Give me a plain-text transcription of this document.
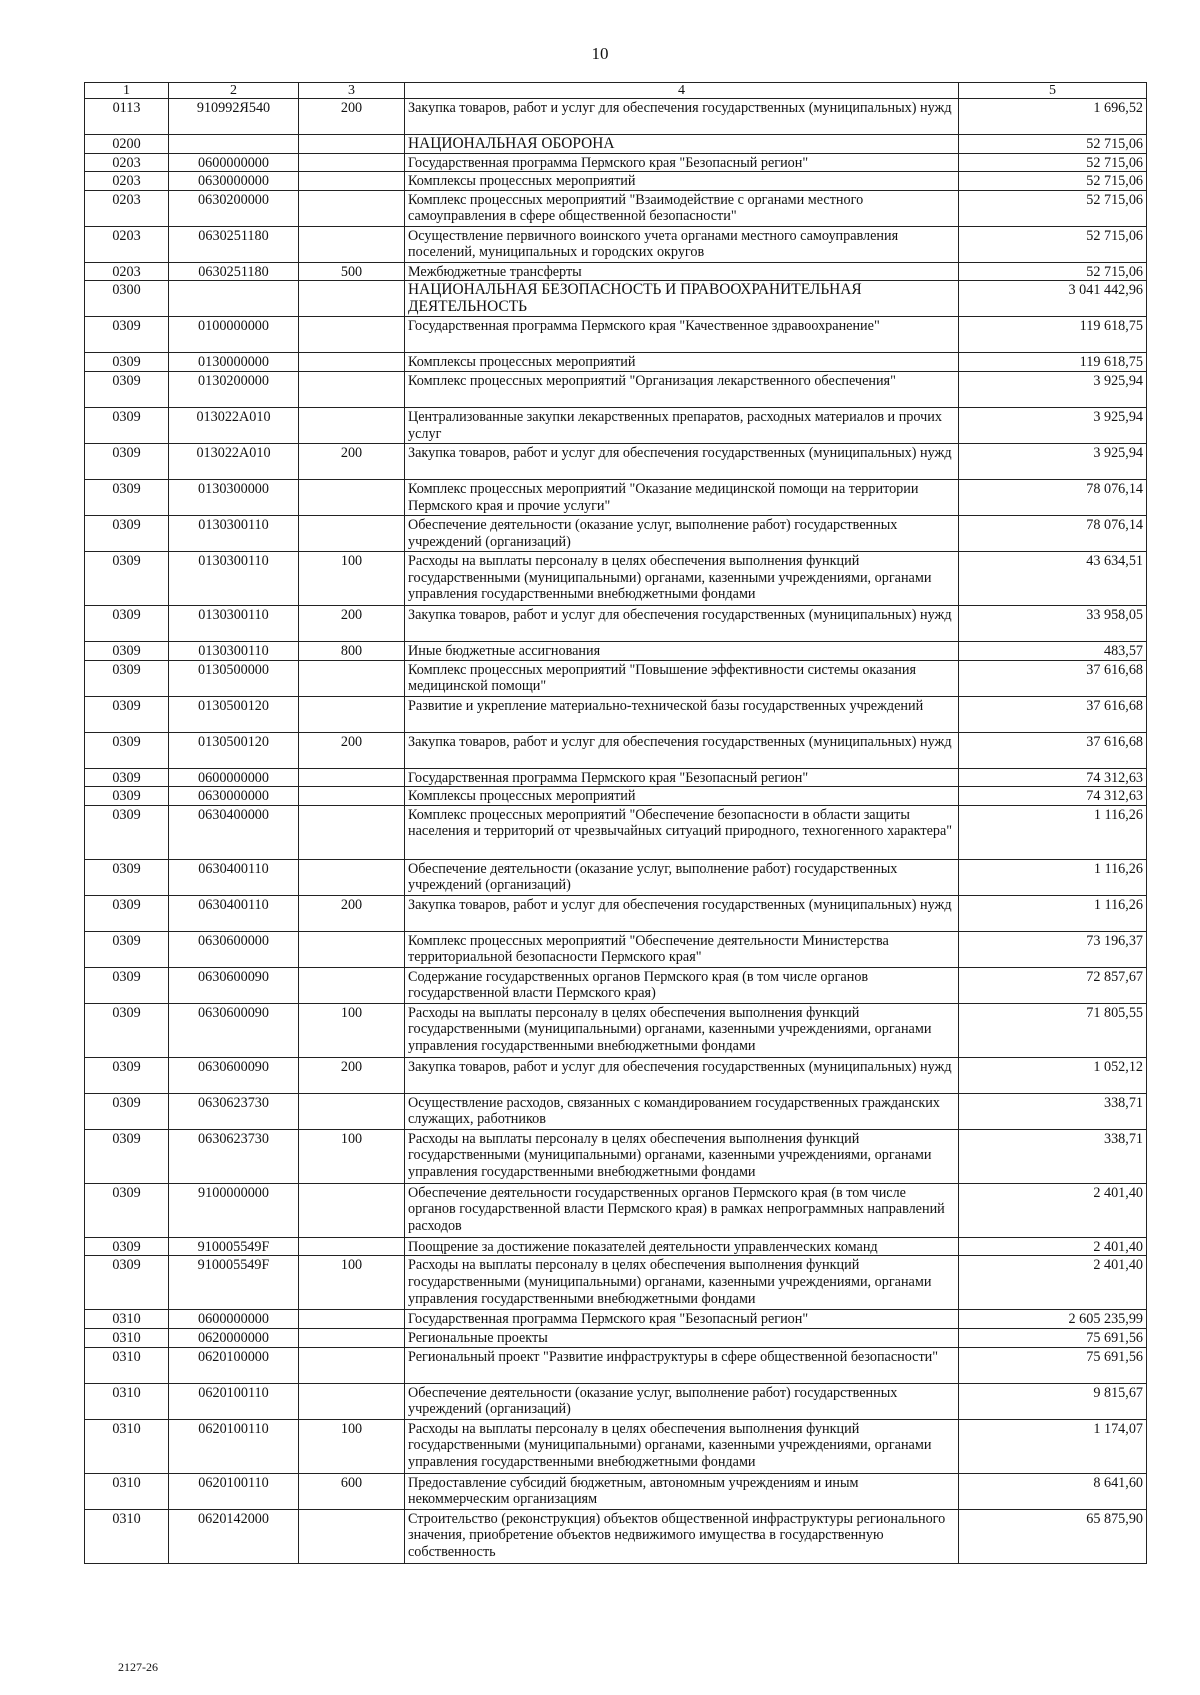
10
1	2	3	4	5
0113	910992Я540	200	Закупка товаров, работ и услуг для обеспечения государственных (муниципальных) нужд	1 696,52
0200			НАЦИОНАЛЬНАЯ ОБОРОНА	52 715,06
0203	0600000000		Государственная программа Пермского края "Безопасный регион"	52 715,06
0203	0630000000		Комплексы процессных мероприятий	52 715,06
0203	0630200000		Комплекс процессных мероприятий "Взаимодействие с органами местного самоуправления в сфере общественной безопасности"	52 715,06
0203	0630251180		Осуществление первичного воинского учета органами местного самоуправления поселений, муниципальных и городских округов	52 715,06
0203	0630251180	500	Межбюджетные трансферты	52 715,06
0300			НАЦИОНАЛЬНАЯ БЕЗОПАСНОСТЬ И ПРАВООХРАНИТЕЛЬНАЯ ДЕЯТЕЛЬНОСТЬ	3 041 442,96
0309	0100000000		Государственная программа Пермского края "Качественное здравоохранение"	119 618,75
0309	0130000000		Комплексы процессных мероприятий	119 618,75
0309	0130200000		Комплекс процессных мероприятий "Организация лекарственного обеспечения"	3 925,94
0309	013022А010		Централизованные закупки лекарственных препаратов, расходных материалов и прочих услуг	3 925,94
0309	013022А010	200	Закупка товаров, работ и услуг для обеспечения государственных (муниципальных) нужд	3 925,94
0309	0130300000		Комплекс процессных мероприятий "Оказание медицинской помощи на территории Пермского края и прочие услуги"	78 076,14
0309	0130300110		Обеспечение деятельности (оказание услуг, выполнение работ) государственных учреждений (организаций)	78 076,14
0309	0130300110	100	Расходы на выплаты персоналу в целях обеспечения выполнения функций государственными (муниципальными) органами, казенными учреждениями, органами управления государственными внебюджетными фондами	43 634,51
0309	0130300110	200	Закупка товаров, работ и услуг для обеспечения государственных (муниципальных) нужд	33 958,05
0309	0130300110	800	Иные бюджетные ассигнования	483,57
0309	0130500000		Комплекс процессных мероприятий "Повышение эффективности системы оказания медицинской помощи"	37 616,68
0309	0130500120		Развитие и укрепление материально-технической базы государственных учреждений	37 616,68
0309	0130500120	200	Закупка товаров, работ и услуг для обеспечения государственных (муниципальных) нужд	37 616,68
0309	0600000000		Государственная программа Пермского края "Безопасный регион"	74 312,63
0309	0630000000		Комплексы процессных мероприятий	74 312,63
0309	0630400000		Комплекс процессных мероприятий "Обеспечение безопасности в области защиты населения и территорий от чрезвычайных ситуаций природного, техногенного характера"	1 116,26
0309	0630400110		Обеспечение деятельности (оказание услуг, выполнение работ) государственных учреждений (организаций)	1 116,26
0309	0630400110	200	Закупка товаров, работ и услуг для обеспечения государственных (муниципальных) нужд	1 116,26
0309	0630600000		Комплекс процессных мероприятий "Обеспечение деятельности Министерства территориальной безопасности Пермского края"	73 196,37
0309	0630600090		Содержание государственных органов Пермского края (в том числе органов государственной власти Пермского края)	72 857,67
0309	0630600090	100	Расходы на выплаты персоналу в целях обеспечения выполнения функций государственными (муниципальными) органами, казенными учреждениями, органами управления государственными внебюджетными фондами	71 805,55
0309	0630600090	200	Закупка товаров, работ и услуг для обеспечения государственных (муниципальных) нужд	1 052,12
0309	0630623730		Осуществление расходов, связанных с командированием государственных гражданских служащих, работников	338,71
0309	0630623730	100	Расходы на выплаты персоналу в целях обеспечения выполнения функций государственными (муниципальными) органами, казенными учреждениями, органами управления государственными внебюджетными фондами	338,71
0309	9100000000		Обеспечение деятельности государственных органов Пермского края (в том числе органов государственной власти Пермского края) в рамках непрограммных направлений расходов	2 401,40
0309	910005549F		Поощрение за достижение показателей деятельности управленческих команд	2 401,40
0309	910005549F	100	Расходы на выплаты персоналу в целях обеспечения выполнения функций государственными (муниципальными) органами, казенными учреждениями, органами управления государственными внебюджетными фондами	2 401,40
0310	0600000000		Государственная программа Пермского края "Безопасный регион"	2 605 235,99
0310	0620000000		Региональные проекты	75 691,56
0310	0620100000		Региональный проект "Развитие инфраструктуры в сфере общественной безопасности"	75 691,56
0310	0620100110		Обеспечение деятельности (оказание услуг, выполнение работ) государственных учреждений (организаций)	9 815,67
0310	0620100110	100	Расходы на выплаты персоналу в целях обеспечения выполнения функций государственными (муниципальными) органами, казенными учреждениями, органами управления государственными внебюджетными фондами	1 174,07
0310	0620100110	600	Предоставление субсидий бюджетным, автономным учреждениям и иным некоммерческим организациям	8 641,60
0310	0620142000		Строительство (реконструкция) объектов общественной инфраструктуры регионального значения, приобретение объектов недвижимого имущества в государственную собственность	65 875,90
2127-26
